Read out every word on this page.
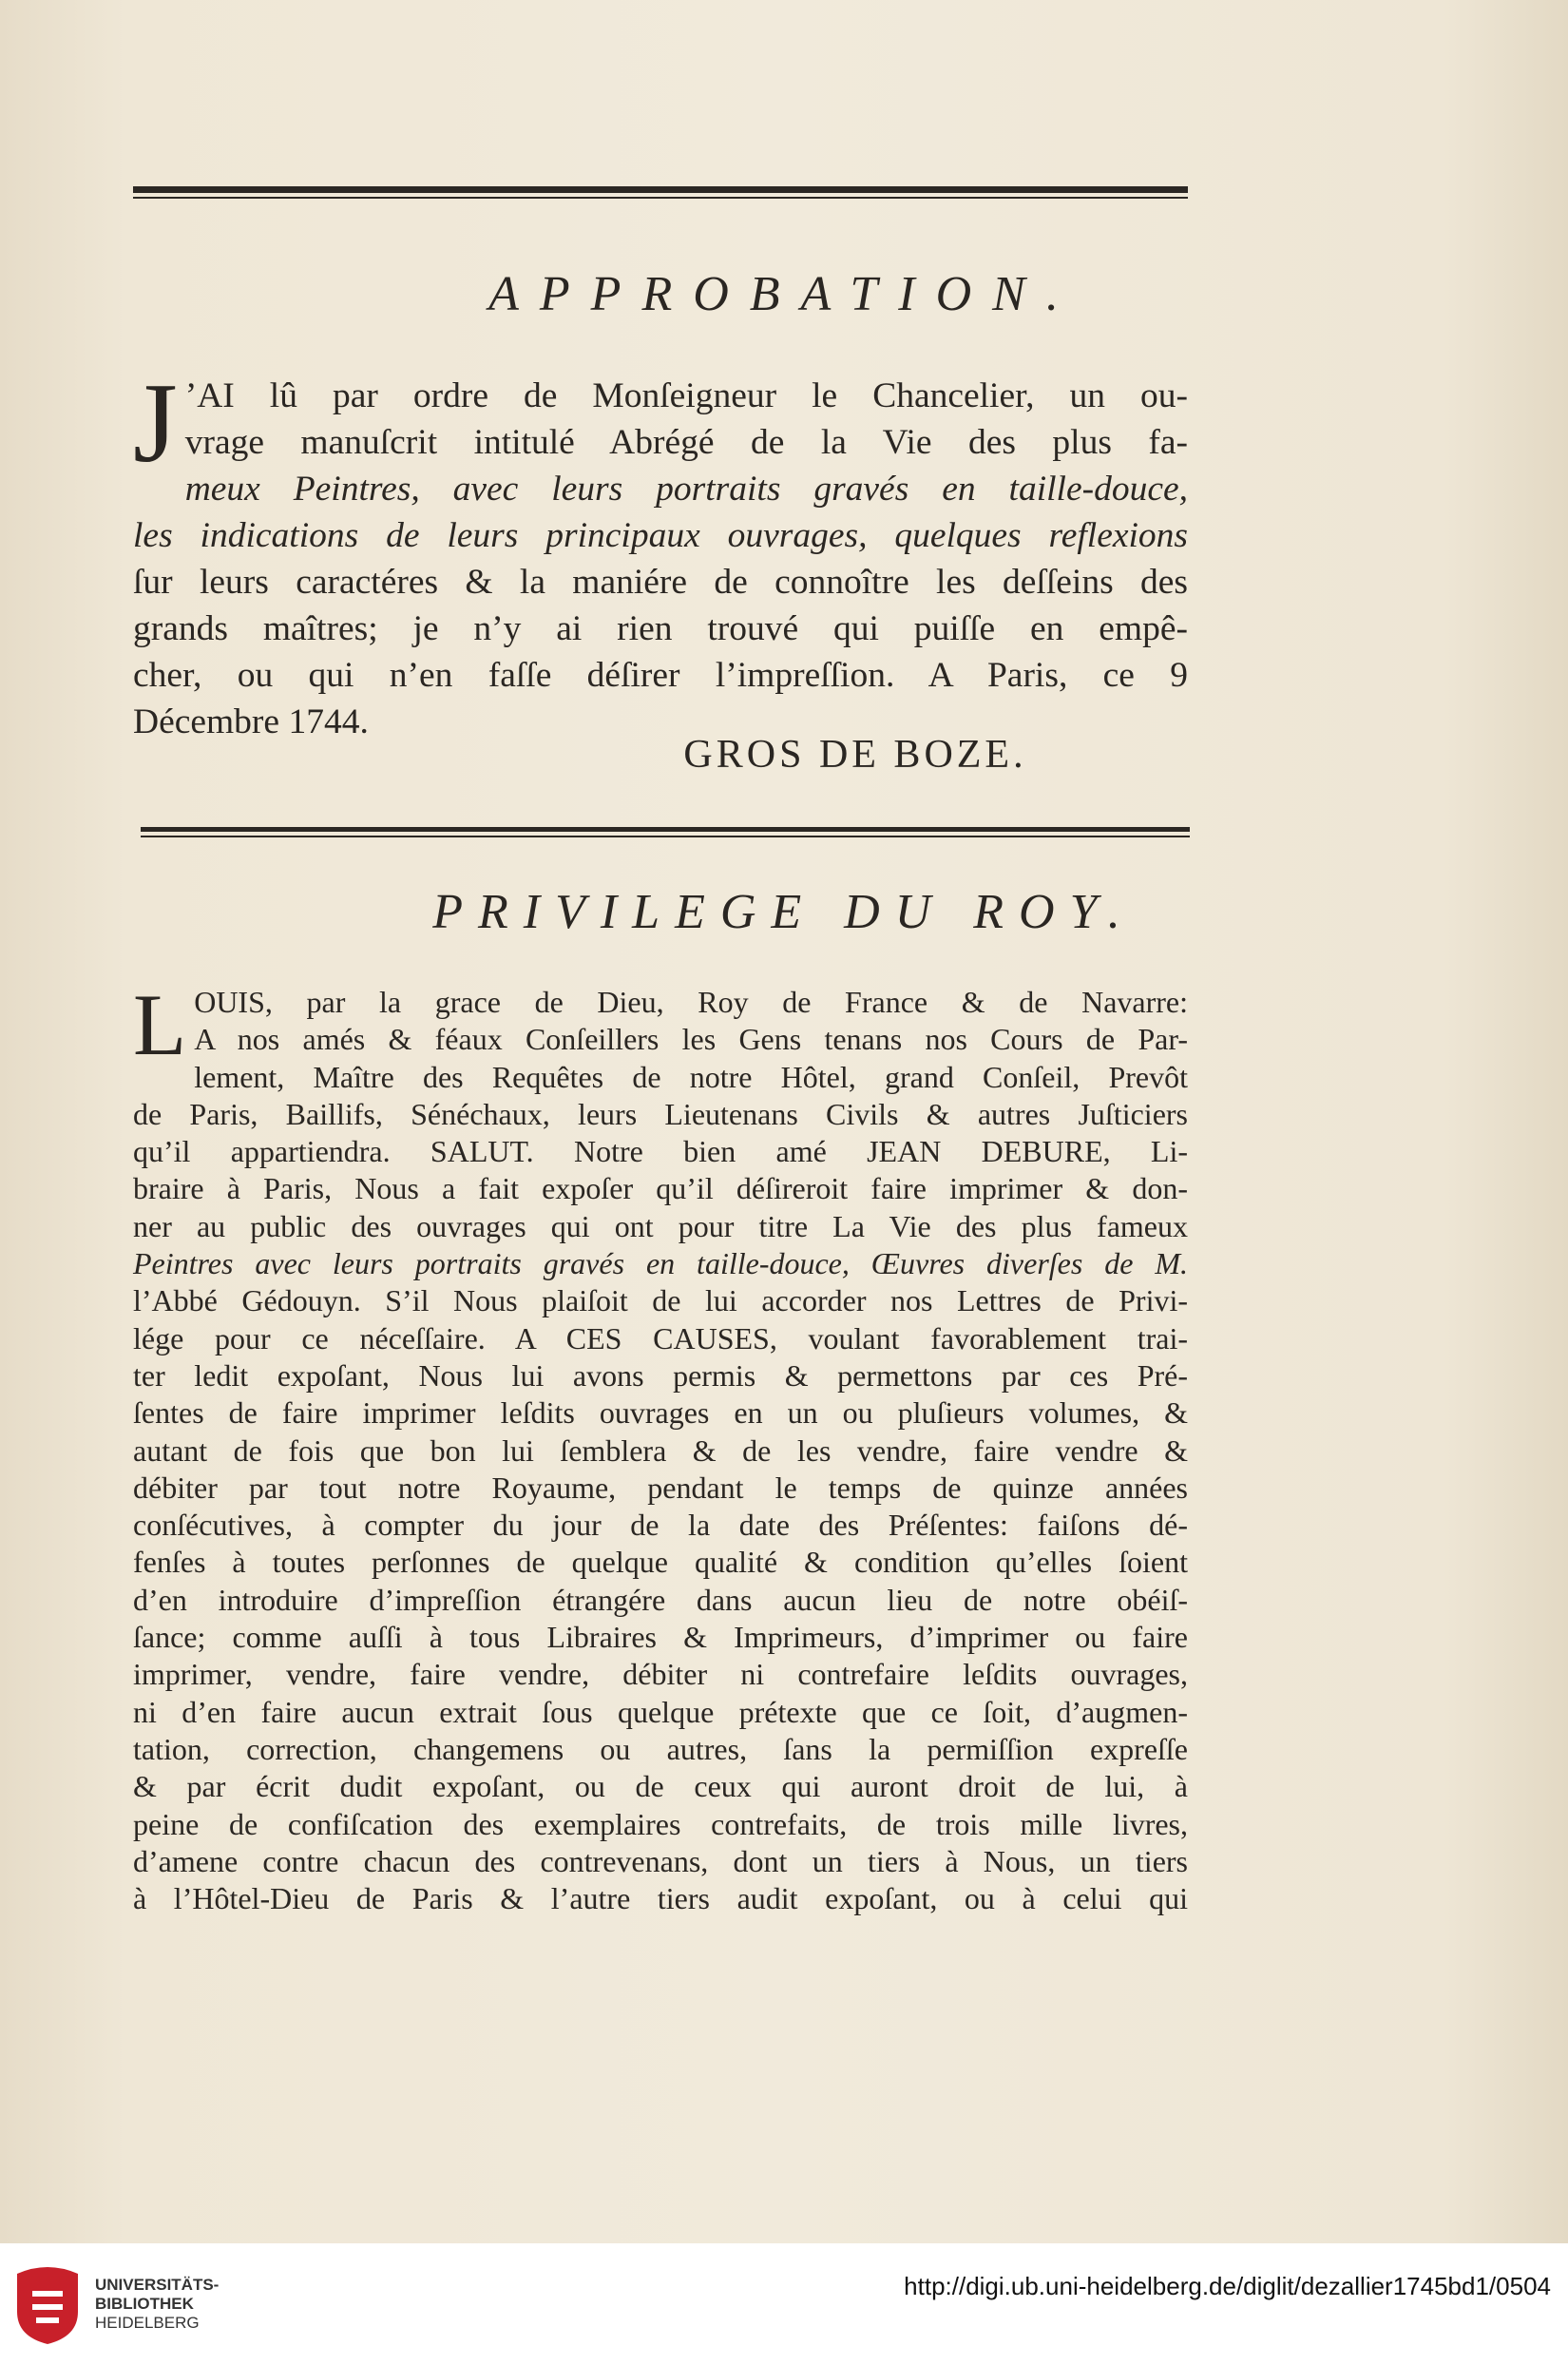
APPROBATION.
J ’AI lû par ordre de Monſeigneur le Chancelier, un ou-
vrage manuſcrit intitulé Abrégé de la Vie des plus fa-
meux Peintres, avec leurs portraits gravés en taille-douce,
les indications de leurs principaux ouvrages, quelques reflexions
ſur leurs caractéres & la maniére de connoître les deſſeins des
grands maîtres; je n’y ai rien trouvé qui puiſſe en empê-
cher, ou qui n’en faſſe déſirer l’impreſſion. A Paris, ce 9
Décembre 1744.
GROS DE BOZE.
PRIVILEGE DU ROY.
L OUIS, par la grace de Dieu, Roy de France & de Navarre:
A nos amés & féaux Conſeillers les Gens tenans nos Cours de Par-
lement, Maître des Requêtes de notre Hôtel, grand Conſeil, Prevôt
de Paris, Baillifs, Sénéchaux, leurs Lieutenans Civils & autres Juſticiers
qu’il appartiendra. SALUT. Notre bien amé JEAN DEBURE, Li-
braire à Paris, Nous a fait expoſer qu’il déſireroit faire imprimer & don-
ner au public des ouvrages qui ont pour titre La Vie des plus fameux
Peintres avec leurs portraits gravés en taille-douce, Œuvres diverſes de M.
l’Abbé Gédouyn. S’il Nous plaiſoit de lui accorder nos Lettres de Privi-
lége pour ce néceſſaire. A CES CAUSES, voulant favorablement trai-
ter ledit expoſant, Nous lui avons permis & permettons par ces Pré-
ſentes de faire imprimer leſdits ouvrages en un ou pluſieurs volumes, &
autant de fois que bon lui ſemblera & de les vendre, faire vendre &
débiter par tout notre Royaume, pendant le temps de quinze années
conſécutives, à compter du jour de la date des Préſentes: faiſons dé-
fenſes à toutes perſonnes de quelque qualité & condition qu’elles ſoient
d’en introduire d’impreſſion étrangére dans aucun lieu de notre obéiſ-
ſance; comme auſſi à tous Libraires & Imprimeurs, d’imprimer ou faire
imprimer, vendre, faire vendre, débiter ni contrefaire leſdits ouvrages,
ni d’en faire aucun extrait ſous quelque prétexte que ce ſoit, d’augmen-
tation, correction, changemens ou autres, ſans la permiſſion expreſſe
& par écrit dudit expoſant, ou de ceux qui auront droit de lui, à
peine de confiſcation des exemplaires contrefaits, de trois mille livres,
d’amene contre chacun des contrevenans, dont un tiers à Nous, un tiers
à l’Hôtel-Dieu de Paris & l’autre tiers audit expoſant, ou à celui qui
UNIVERSITÄTS-
BIBLIOTHEK
HEIDELBERG
http://digi.ub.uni-heidelberg.de/diglit/dezallier1745bd1/0504
